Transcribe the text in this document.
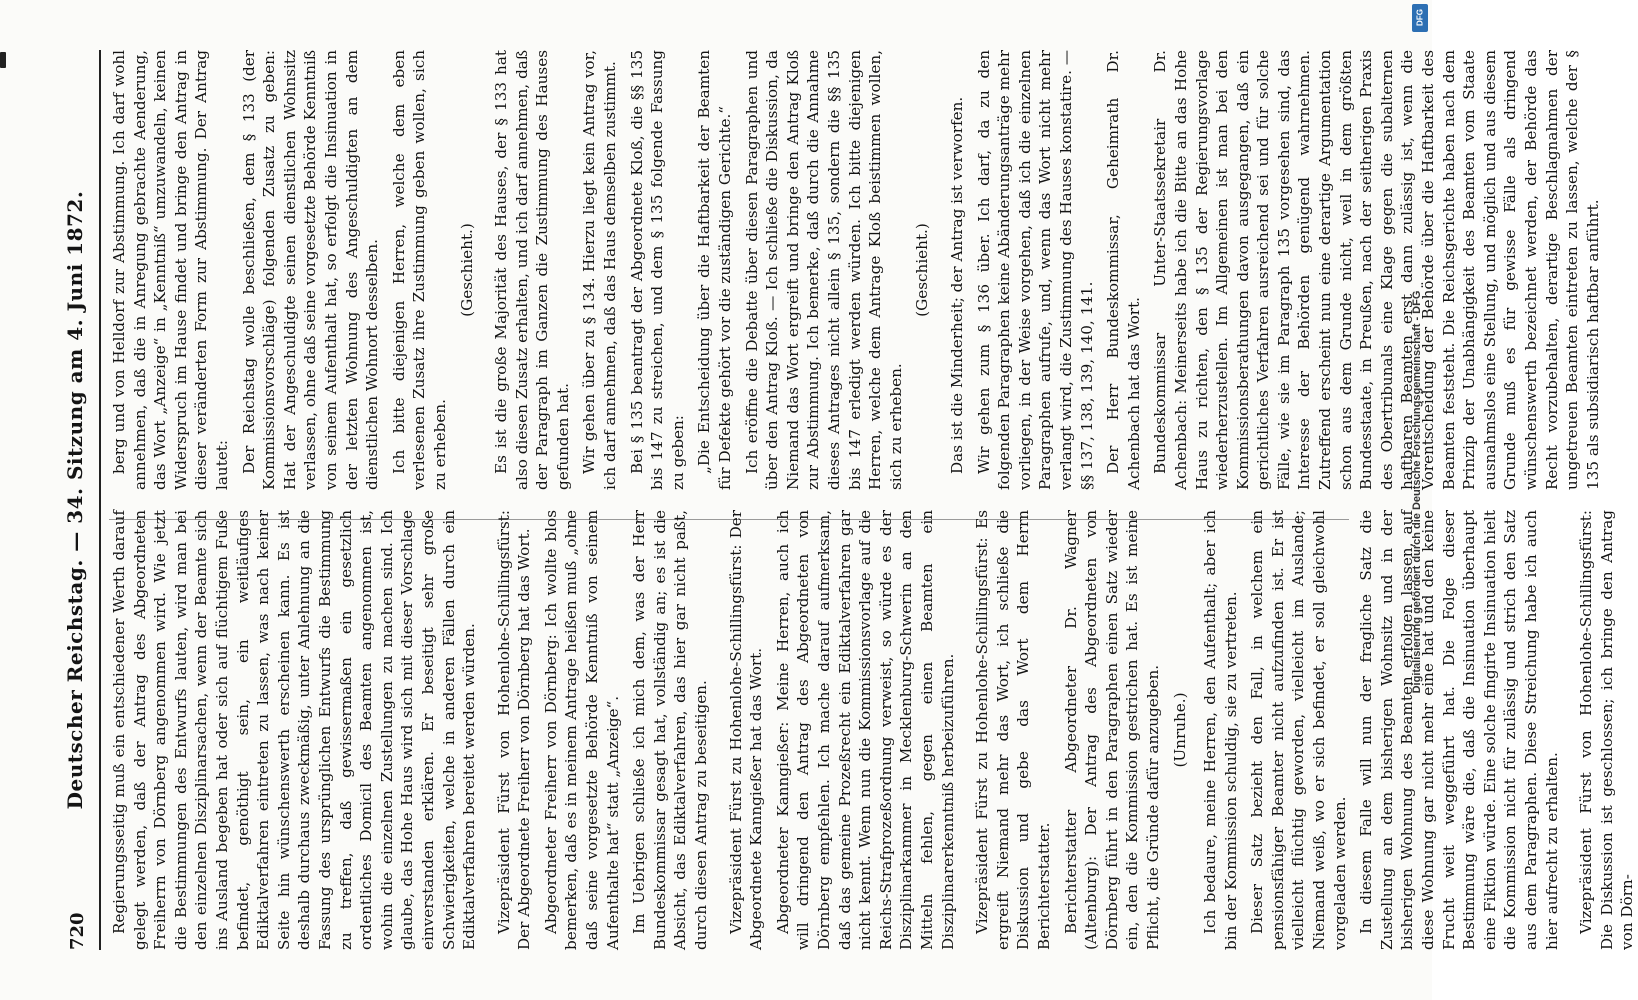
720
Deutscher Reichstag. — 34. Sitzung am 4. Juni 1872. Regierungsseitig muß ein entschiedener Werth darauf gelegt werden, daß der Antrag des Abgeordneten Freiherrn von Dörnberg angenommen wird. Wie jetzt die Bestimmungen des Entwurfs lauten, wird man bei den einzelnen Disziplinarsachen, wenn der Beamte sich ins Ausland begeben hat oder sich auf flüchtigem Fuße befindet, genöthigt sein, ein weitläufiges Ediktalverfahren eintreten zu lassen, was nach keiner Seite hin wünschenswerth erscheinen kann. Es ist deshalb durchaus zweckmäßig, unter Anlehnung an die Fassung des ursprünglichen Entwurfs die Bestimmung zu treffen, daß gewissermaßen ein gesetzlich ordentliches Domicil des Beamten angenommen ist, wohin die einzelnen Zustellungen zu machen sind. Ich glaube, das Hohe Haus wird sich mit dieser Vorschlage einverstanden erklären. Er beseitigt sehr große Schwierigkeiten, welche in anderen Fällen durch ein Ediktalverfahren bereitet werden würden. Vizepräsident Fürst von Hohenlohe-Schillingsfürst: Der Abgeordnete Freiherr von Dörnberg hat das Wort. Abgeordneter Freiherr von Dörnberg: Ich wollte blos bemerken, daß es in meinem Antrage heißen muß „ohne daß seine vorgesetzte Behörde Kenntniß von seinem Aufenthalte hat“ statt „Anzeige“. Im Uebrigen schließe ich mich dem, was der Herr Bundeskommissar gesagt hat, vollständig an; es ist die Absicht, das Ediktalverfahren, das hier gar nicht paßt, durch diesen Antrag zu beseitigen. Vizepräsident Fürst zu Hohenlohe-Schillingsfürst: Der Abgeordnete Kanngießer hat das Wort. Abgeordneter Kanngießer: Meine Herren, auch ich will dringend den Antrag des Abgeordneten von Dörnberg empfehlen. Ich mache darauf aufmerksam, daß das gemeine Prozeßrecht ein Ediktalverfahren gar nicht kennt. Wenn nun die Kommissionsvorlage auf die Reichs-Strafprozeßordnung verweist, so würde es der Disziplinarkammer in Mecklenburg-Schwerin an den Mitteln fehlen, gegen einen Beamten ein Disziplinarerkenntniß herbeizuführen. Vizepräsident Fürst zu Hohenlohe-Schillingsfürst: Es ergreift Niemand mehr das Wort, ich schließe die Diskussion und gebe das Wort dem Herrn Berichterstatter. Berichterstatter Abgeordneter Dr. Wagner (Altenburg): Der Antrag des Abgeordneten von Dörnberg führt in den Paragraphen einen Satz wieder ein, den die Kommission gestrichen hat. Es ist meine Pflicht, die Gründe dafür anzugeben. (Unruhe.) Ich bedaure, meine Herren, den Aufenthalt; aber ich bin der Kommission schuldig, sie zu vertreten. Dieser Satz bezieht den Fall, in welchem ein pensionsfähiger Beamter nicht aufzufinden ist. Er ist vielleicht flüchtig geworden, vielleicht im Auslande; Niemand weiß, wo er sich befindet, er soll gleichwohl vorgeladen werden. In diesem Falle will nun der fragliche Satz die Zustellung an dem bisherigen Wohnsitz und in der bisherigen Wohnung des Beamten erfolgen lassen, auf diese Wohnung gar nicht mehr eine hat und den keine Frucht weit weggeführt hat. Die Folge dieser Bestimmung wäre die, daß die Insinuation überhaupt eine Fiktion würde. Eine solche fingirte Insinuation hielt die Kommission nicht für zulässig und strich den Satz aus dem Paragraphen. Diese Streichung habe ich auch hier aufrecht zu erhalten. Vizepräsident Fürst von Hohenlohe-Schillingsfürst: Die Diskussion ist geschlossen; ich bringe den Antrag von Dörn-

berg und von Helldorf zur Abstimmung. Ich darf wohl annehmen, daß die in Anregung gebrachte Aenderung, das Wort „Anzeige“ in „Kenntniß“ umzuwandeln, keinen Widerspruch im Hause findet und bringe den Antrag in dieser veränderten Form zur Abstimmung. Der Antrag lautet: Der Reichstag wolle beschließen, dem § 133 (der Kommissionsvorschläge) folgenden Zusatz zu geben: Hat der Angeschuldigte seinen dienstlichen Wohnsitz verlassen, ohne daß seine vorgesetzte Behörde Kenntniß von seinem Aufenthalt hat, so erfolgt die Insinuation in der letzten Wohnung des Angeschuldigten an dem dienstlichen Wohnort desselben. Ich bitte diejenigen Herren, welche dem eben verlesenen Zusatz ihre Zustimmung geben wollen, sich zu erheben.

(Geschieht.) Es ist die große Majorität des Hauses, der § 133 hat also diesen Zusatz erhalten, und ich darf annehmen, daß der Paragraph im Ganzen die Zustimmung des Hauses gefunden hat. Wir gehen über zu § 134. Hierzu liegt kein Antrag vor, ich darf annehmen, daß das Haus demselben zustimmt. Bei § 135 beantragt der Abgeordnete Kloß, die §§ 135 bis 147 zu streichen, und dem § 135 folgende Fassung zu geben: „Die Entscheidung über die Haftbarkeit der Beamten für Defekte gehört vor die zuständigen Gerichte.“ Ich eröffne die Debatte über diesen Paragraphen und über den Antrag Kloß. — Ich schließe die Diskussion, da Niemand das Wort ergreift und bringe den Antrag Kloß zur Abstimmung. Ich bemerke, daß durch die Annahme dieses Antrages nicht allein § 135, sondern die §§ 135 bis 147 erledigt werden würden. Ich bitte diejenigen Herren, welche dem Antrage Kloß beistimmen wollen, sich zu erheben.

(Geschieht.) Das ist die Minderheit; der Antrag ist verworfen. Wir gehen zum § 136 über. Ich darf, da zu den folgenden Paragraphen keine Abänderungsanträge mehr vorliegen, in der Weise vorgehen, daß ich die einzelnen Paragraphen aufrufe, und, wenn das Wort nicht mehr verlangt wird, die Zustimmung des Hauses konstatire. — §§ 137, 138, 139, 140, 141. Der Herr Bundeskommissar, Geheimrath Dr. Achenbach hat das Wort. Bundeskommissar Unter-Staatssekretair Dr. Achenbach: Meinerseits habe ich die Bitte an das Hohe Haus zu richten, den § 135 der Regierungsvorlage wiederherzustellen. Im Allgemeinen ist man bei den Kommissionsberathungen davon ausgegangen, daß ein gerichtliches Verfahren ausreichend sei und für solche Fälle, wie sie im Paragraph 135 vorgesehen sind, das Interesse der Behörden genügend wahrnehmen. Zutreffend erscheint nun eine derartige Argumentation schon aus dem Grunde nicht, weil in dem größten Bundesstaate, in Preußen, nach der seitherigen Praxis des Obertribunals eine Klage gegen die subalternen haftbaren Beamten erst dann zulässig ist, wenn die Vorentscheidung der Behörde über die Haftbarkeit des Beamten feststeht. Die Reichsgerichte haben nach dem Prinzip der Unabhängigkeit des Beamten vom Staate ausnahmslos eine Stellung, und möglich und aus diesem Grunde muß es für gewisse Fälle als dringend wünschenswerth bezeichnet werden, der Behörde das Recht vorzubehalten, derartige Beschlagnahmen der ungetreuen Beamten eintreten zu lassen, welche der § 135 als subsidiarisch haftbar anführt.

Digitalisierung gefördert durch die Deutsche Forschungsgemeinschaft - DFG
DFG
